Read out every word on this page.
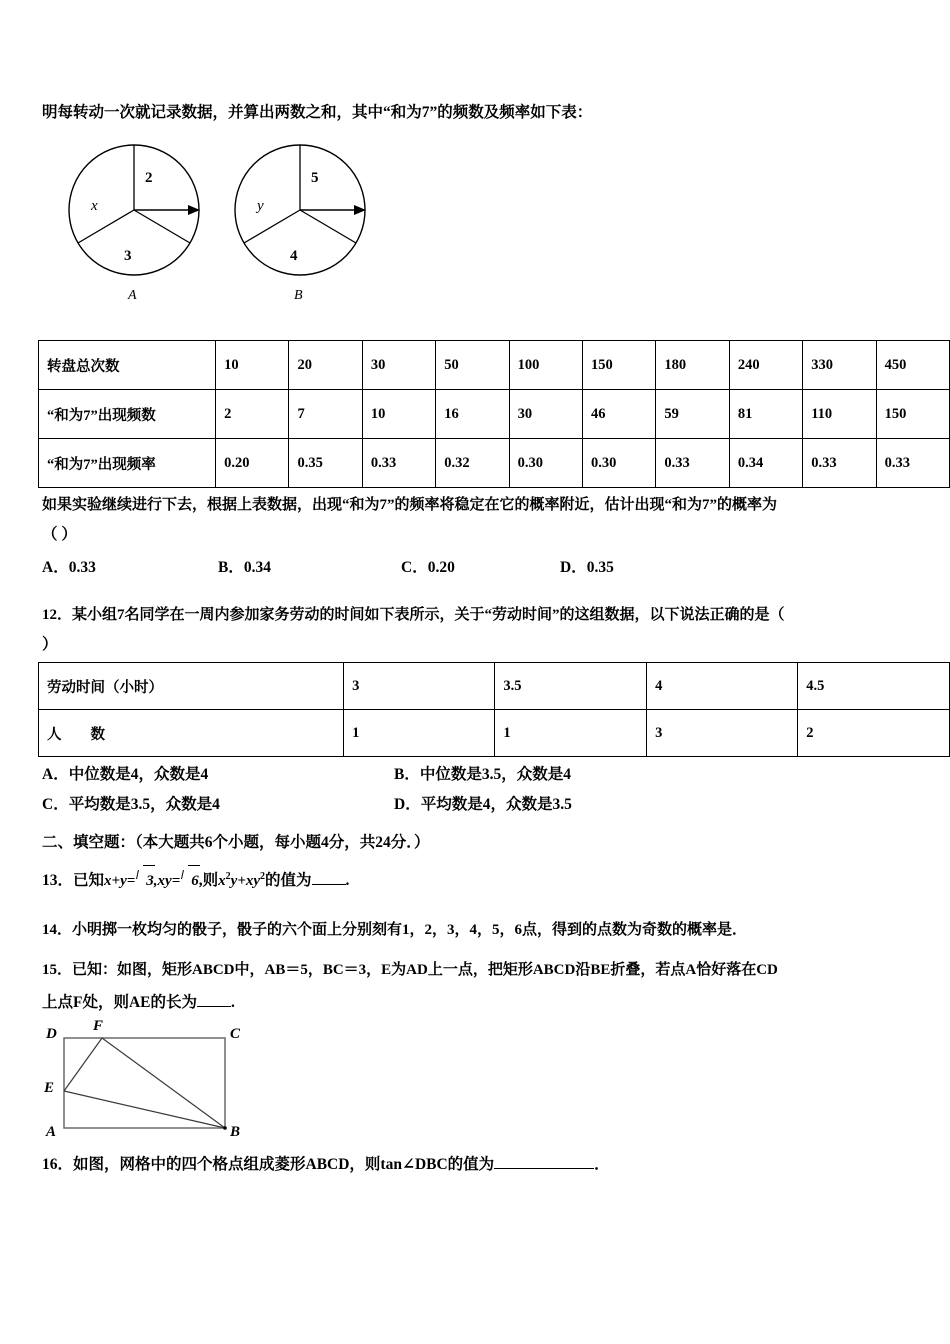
明每转动一次就记录数据，并算出两数之和，其中“和为7”的频数及频率如下表：
2
x
3
A
5
y
4
B
转盘总次数	10	20	30	50	100	150	180	240	330	450
“和为7”出现频数	2	7	10	16	30	46	59	81	110	150
“和为7”出现频率	0.20	0.35	0.33	0.32	0.30	0.30	0.33	0.34	0.33	0.33
如果实验继续进行下去，根据上表数据，出现“和为7”的频率将稳定在它的概率附近，估计出现“和为7”的概率为
（ ）
A．0.33	B．0.34	C．0.20	D．0.35
12．某小组7名同学在一周内参加家务劳动的时间如下表所示，关于“劳动时间”的这组数据，以下说法正确的是（
）
劳动时间（小时）	3	3.5	4	4.5
人　　数	1	1	3	2
A．中位数是4，众数是4	B．中位数是3.5，众数是4
C．平均数是3.5，众数是4	D．平均数是4，众数是3.5
二、填空题：（本大题共6个小题，每小题4分，共24分．）
13．已知x+y= 3,xy= 6,则$x^2y+xy^2$的值为 .
14．小明掷一枚均匀的骰子，骰子的六个面上分别刻有1，2，3，4，5，6点，得到的点数为奇数的概率是．
15．已知：如图，矩形ABCD中，AB＝5，BC＝3，E为AD上一点，把矩形ABCD沿BE折叠，若点A恰好落在CD
上点F处，则AE的长为 .
D F	C
E
A	B
16．如图，网格中的四个格点组成菱形ABCD，则tan∠DBC的值为	．
